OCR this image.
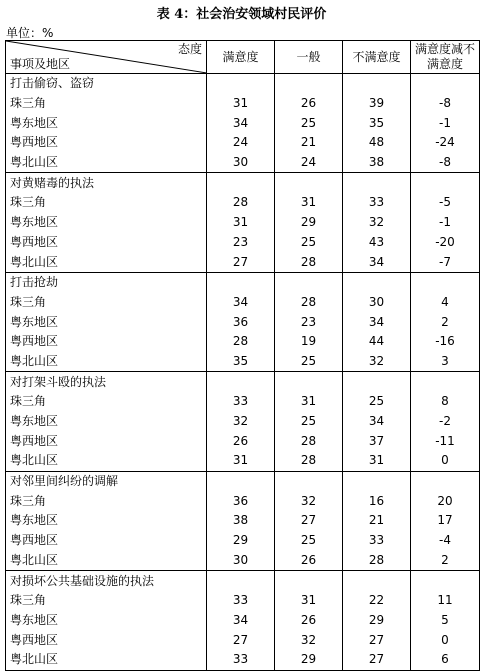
表 4：社会治安领域村民评价
单位：%
态度
事项及地区	满意度	一般	不满意度	满意度减不满意度
打击偷窃、盗窃				
珠三角	31	26	39	-8
粤东地区	34	25	35	-1
粤西地区	24	21	48	-24
粤北山区	30	24	38	-8
对黄赌毒的执法				
珠三角	28	31	33	-5
粤东地区	31	29	32	-1
粤西地区	23	25	43	-20
粤北山区	27	28	34	-7
打击抢劫				
珠三角	34	28	30	4
粤东地区	36	23	34	2
粤西地区	28	19	44	-16
粤北山区	35	25	32	3
对打架斗殴的执法				
珠三角	33	31	25	8
粤东地区	32	25	34	-2
粤西地区	26	28	37	-11
粤北山区	31	28	31	0
对邻里间纠纷的调解				
珠三角	36	32	16	20
粤东地区	38	27	21	17
粤西地区	29	25	33	-4
粤北山区	30	26	28	2
对损坏公共基础设施的执法				
珠三角	33	31	22	11
粤东地区	34	26	29	5
粤西地区	27	32	27	0
粤北山区	33	29	27	6
